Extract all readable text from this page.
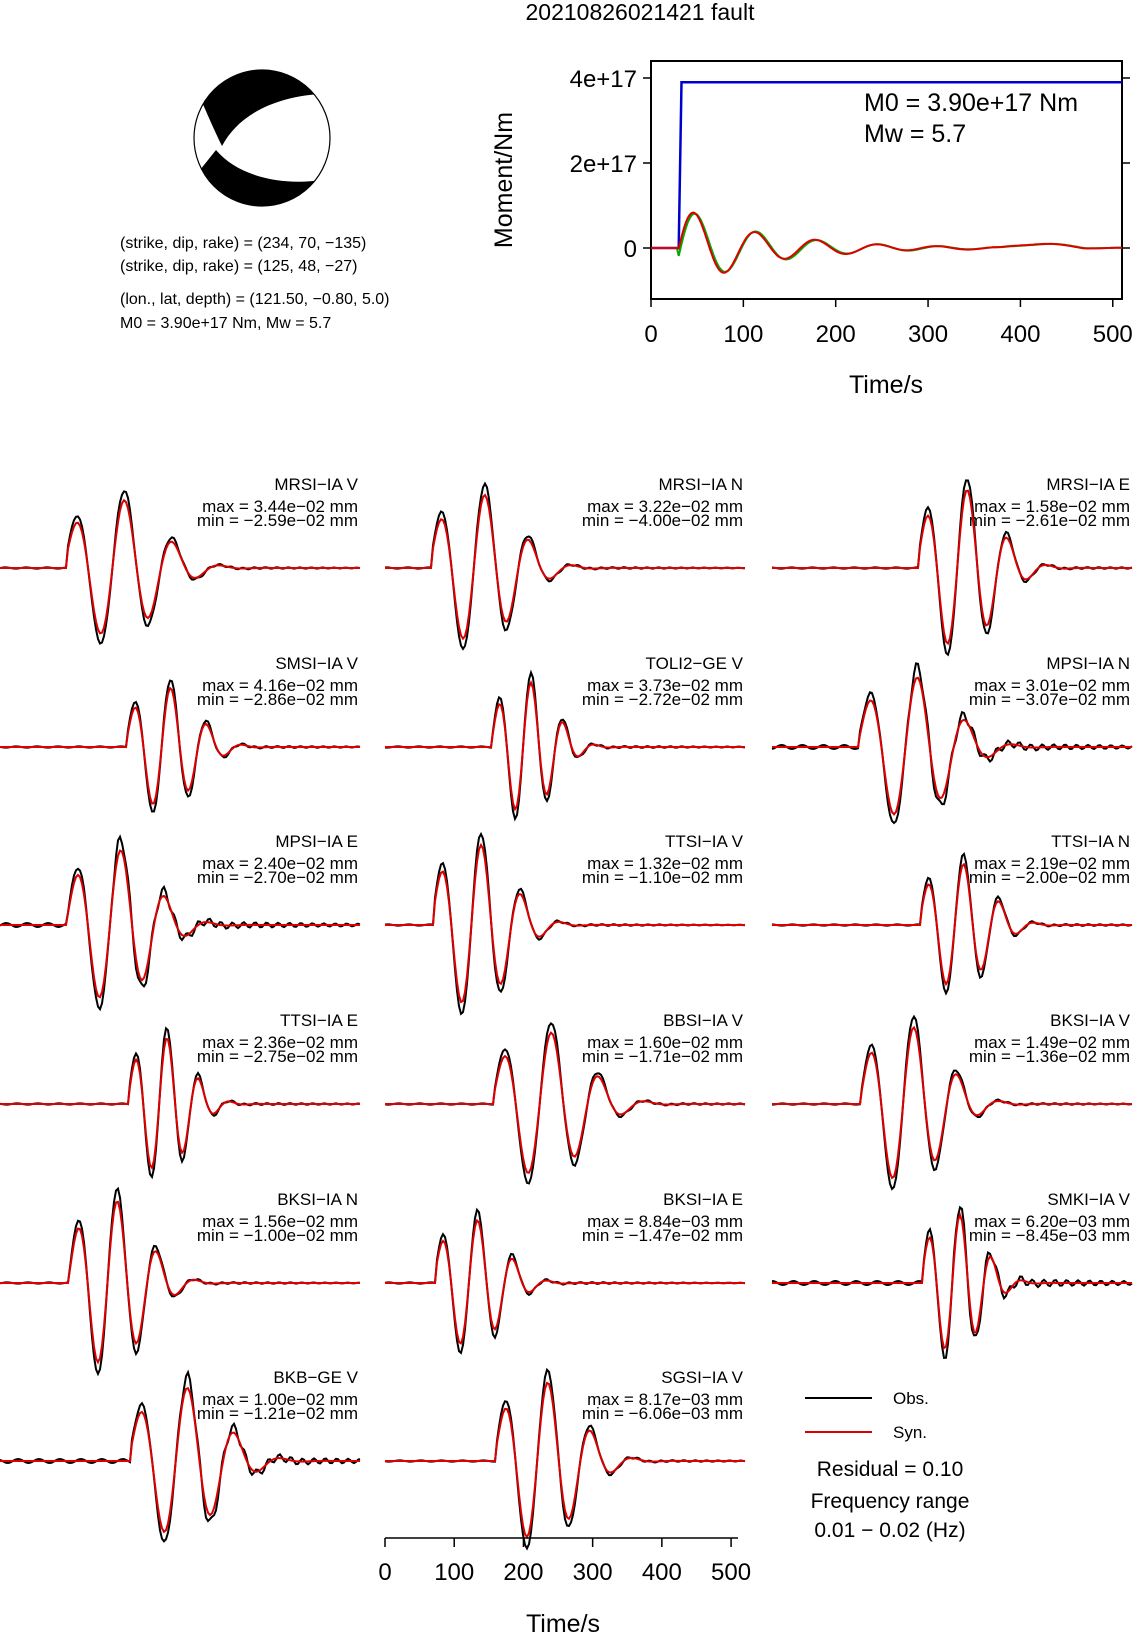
20210826021421 fault
(strike, dip, rake) = (234, 70, −135)
(strike, dip, rake) = (125, 48, −27)
(lon., lat, depth) = (121.50, −0.80, 5.0)
M0 = 3.90e+17 Nm, Mw = 5.7
0
2e+17
4e+17
0	100 200 300 400 500
Moment/Nm
Time/s
M0 = 3.90e+17 Nm
Mw = 5.7
MRSI−IA V
max = 3.44e−02 mm
min = −2.59e−02 mm
MRSI−IA N
max = 3.22e−02 mm
min = −4.00e−02 mm
MRSI−IA E
max = 1.58e−02 mm
min = −2.61e−02 mm
SMSI−IA V
max = 4.16e−02 mm
min = −2.86e−02 mm
TOLI2−GE V
max = 3.73e−02 mm
min = −2.72e−02 mm
MPSI−IA N
max = 3.01e−02 mm
min = −3.07e−02 mm
MPSI−IA E
max = 2.40e−02 mm
min = −2.70e−02 mm
TTSI−IA V
max = 1.32e−02 mm
min = −1.10e−02 mm
TTSI−IA N
max = 2.19e−02 mm
min = −2.00e−02 mm
TTSI−IA E
max = 2.36e−02 mm
min = −2.75e−02 mm
BBSI−IA V
max = 1.60e−02 mm
min = −1.71e−02 mm
BKSI−IA V
max = 1.49e−02 mm
min = −1.36e−02 mm
BKSI−IA N
max = 1.56e−02 mm
min = −1.00e−02 mm
BKSI−IA E
max = 8.84e−03 mm
min = −1.47e−02 mm
SMKI−IA V
max = 6.20e−03 mm
min = −8.45e−03 mm
BKB−GE V
max = 1.00e−02 mm
min = −1.21e−02 mm
SGSI−IA V
max = 8.17e−03 mm
min = −6.06e−03 mm
Obs.
Syn.
Residual = 0.10
Frequency range
0.01 − 0.02 (Hz)
0 100 200 300 400 500
Time/s
